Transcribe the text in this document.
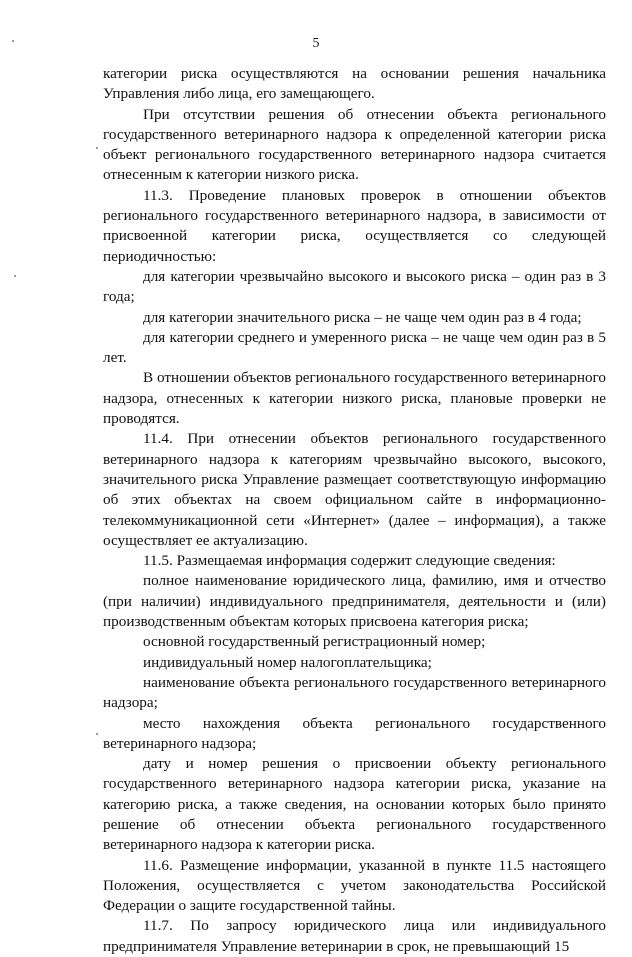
5

категории риска осуществляются на основании решения начальника Управления либо лица, его замещающего.

При отсутствии решения об отнесении объекта регионального государственного ветеринарного надзора к определенной категории риска объект регионального государственного ветеринарного надзора считается отнесенным к категории низкого риска.

11.3. Проведение плановых проверок в отношении объектов регионального государственного ветеринарного надзора, в зависимости от присвоенной категории риска, осуществляется со следующей периодичностью:

для категории чрезвычайно высокого и высокого риска – один раз в 3 года;

для категории значительного риска – не чаще чем один раз в 4 года;

для категории среднего и умеренного риска – не чаще чем один раз в 5 лет.

В отношении объектов регионального государственного ветеринарного надзора, отнесенных к категории низкого риска, плановые проверки не проводятся.

11.4. При отнесении объектов регионального государственного ветеринарного надзора к категориям чрезвычайно высокого, высокого, значительного риска Управление размещает соответствующую информацию об этих объектах на своем официальном сайте в информационно-телекоммуникационной сети «Интернет» (далее – информация), а также осуществляет ее актуализацию.

11.5. Размещаемая информация содержит следующие сведения:

полное наименование юридического лица, фамилию, имя и отчество (при наличии) индивидуального предпринимателя, деятельности и (или) производственным объектам которых присвоена категория риска;

основной государственный регистрационный номер;

индивидуальный номер налогоплательщика;

наименование объекта регионального государственного ветеринарного надзора;

место нахождения объекта регионального государственного ветеринарного надзора;

дату и номер решения о присвоении объекту регионального государственного ветеринарного надзора категории риска, указание на категорию риска, а также сведения, на основании которых было принято решение об отнесении объекта регионального государственного ветеринарного надзора к категории риска.

11.6. Размещение информации, указанной в пункте 11.5 настоящего Положения, осуществляется с учетом законодательства Российской Федерации о защите государственной тайны.

11.7. По запросу юридического лица или индивидуального предпринимателя Управление ветеринарии в срок, не превышающий 15
